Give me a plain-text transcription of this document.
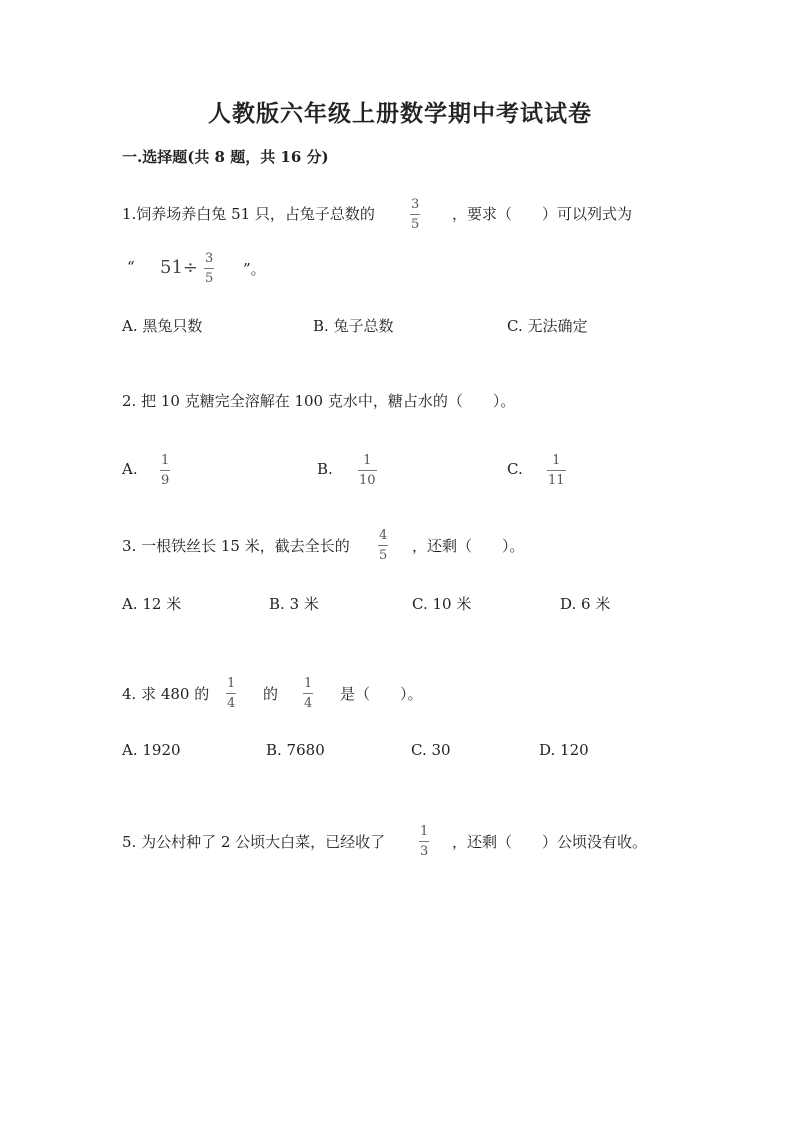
人教版六年级上册数学期中考试试卷
一.选择题(共 8 题，共 16 分)
1.饲养场养白兔 51 只，占兔子总数的
3
5
，要求（　　）可以列式为
“ 51÷ 3
5
”。
A. 黑兔只数	B. 兔子总数	C. 无法确定
2. 把 10 克糖完全溶解在 100 克水中，糖占水的（　　）。
A. 1
9
B. 1
10
C. 1
11
3. 一根铁丝长 15 米，截去全长的
4
5
，还剩（　　）。
A. 12 米	B. 3 米	C. 10 米	D. 6 米
4. 求 480 的
1
4
的
1
4
是（　　）。
A. 1920	B. 7680	C. 30	D. 120
5. 为公村种了 2 公顷大白菜，已经收了
1
3
，还剩（　　）公顷没有收。
